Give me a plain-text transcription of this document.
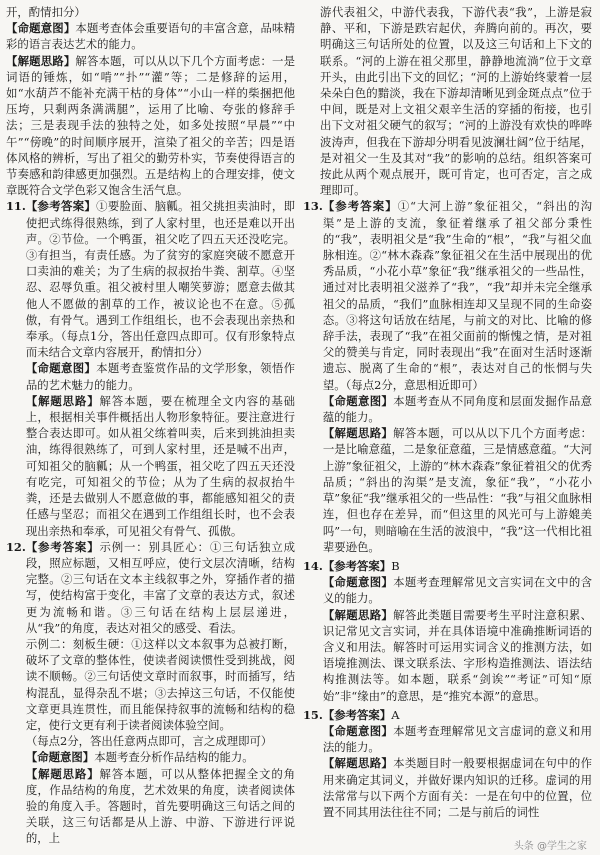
开，酌情扣分）

【命题意图】本题考查体会重要语句的丰富含意，品味精彩的语言表达艺术的能力。

【解题思路】解答本题，可以从以下几个方面考虑：一是词语的锤炼，如“啃”“扑”“灌”等；二是修辞的运用，如“水葫芦不能补充满干枯的身体”“小山一样的柴捆把他压垮，只剩两条满满腿”，运用了比喻、夸张的修辞手法；三是表现手法的独特之处，如多处按照“早晨”“中午”“傍晚”的时间顺序展开，渲染了祖父的辛苦；四是语体风格的辨析，写出了祖父的勤劳朴实，节奏使得语言的节奏感和韵律感更加强烈。五是结构上的合理安排，使文章既符合文学色彩又饱含生活气息。

11. 【参考答案】①要脸面、脑瓤。祖父挑担卖油时，即使把式练得很熟练，到了人家村里，也还是难以开出声。②节俭。一个鸭蛋，祖父吃了四五天还没吃完。③有担当，有责任感。为了贫穷的家庭突破不愿意开口卖油的难关；为了生病的叔叔抬牛粪、割草。④坚忍、忍辱负重。祖父被村里人嘲笑萝游；愿意去做其他人不愿做的割草的工作，被议论也不在意。⑤孤傲，有骨气。遇到工作组组长，也不会表现出亲热和奉承。（每点1分，答出任意四点即可。仅有形象特点而未结合文章内容展开，酌情扣分）

【命题意图】本题考查鉴赏作品的文学形象，领悟作品的艺术魅力的能力。

【解题思路】解答本题，要在梳理全文内容的基础上，根据相关事件概括出人物形象特征。要注意进行整合表达即可。如从祖父练着叫卖，后来到挑油担卖油，练得很熟练了，可到人家村里，还是喊不出声，可知祖父的脑瓤；从一个鸭蛋，祖父吃了四五天还没有吃完，可知祖父的节俭；从为了生病的叔叔抬牛粪，还是去做别人不愿意做的事，都能感知祖父的责任感与坚忍；而祖父在遇到工作组组长时，也不会表现出亲热和奉承，可见祖父有骨气、孤傲。

12. 【参考答案】示例一：别具匠心：①三句话独立成段，照应标题，又相互呼应，使行文层次清晰，结构完整。②三句话在文本主线叙事之外，穿插作者的描写，使结构富于变化，丰富了文章的表达方式，叙述更为流畅和谐。③三句话在结构上层层递进，从“我”的角度，表达对祖父的感受、看法。

示例二：刻板生硬：①这样以文本叙事为总被打断，破坏了文章的整体性，使读者阅读惯性受到挑战，阅读不顺畅。②三句话使文章时而叙事，时而插写，结构混乱，显得杂乱不堪；③去掉这三句话，不仅能使文章更具连贯性，而且能保持叙事的流畅和结构的稳定，使行文更有利于读者阅读体验空间。

（每点2分，答出任意两点即可，言之成理即可）

【命题意图】本题考查分析作品结构的能力。

【解题思路】解答本题，可以从整体把握全文的角度，作品结构的角度，艺术效果的角度，读者阅读体验的角度入手。答题时，首先要明确这三句话之间的关联，这三句话都是从上游、中游、下游进行评说的，上

游代表祖父，中游代表我，下游代表“我”，上游是寂静、平和，下游是跌宕起伏，奔腾向前的。再次，要明确这三句话所处的位置，以及这三句话和上下文的联系。“河的上游在祖父那里，静静地流淌”位于文章开头，由此引出下文的回忆；“河的上游始终蒙着一层朵朵白色的黯淡，我在下游却清晰见到金斑点点”位于中间，既是对上文祖父艰辛生活的穿插的衔接，也引出下文对祖父硬气的叙写；“河的上游没有欢快的哗哗波涛声，但我在下游却分明看见波澜壮阔”位于结尾，是对祖父一生及其对“我”的影响的总结。组织答案可按此从两个观点展开，既可肯定，也可否定，言之成理即可。

13. 【参考答案】①“大河上游”象征祖父，“斜出的沟渠”是上游的支流，象征着继承了祖父部分秉性的“我”，表明祖父是“我”生命的“根”，“我”与祖父血脉相连。②“林木森森”象征祖父在生活中展现出的优秀品质，“小花小草”象征“我”继承祖父的一些品性，通过对比表明祖父滋养了“我”，“我”却并未完全继承祖父的品质，“我们”血脉相连却又呈现不同的生命姿态。③将这句话放在结尾，与前文的对比、比喻的修辞手法，表现了“我”在祖父面前的惭愧之情，是对祖父的赞美与肯定，同时表现出“我”在面对生活时逐渐遗忘、脱离了生命的“根”，表达对自己的怅惘与失望。（每点2分，意思相近即可）

【命题意图】本题考查从不同角度和层面发掘作品意蕴的能力。

【解题思路】解答本题，可以从以下几个方面考虑：一是比喻意蕴，二是象征意蕴，三是情感意蕴。“大河上游”象征祖父，上游的“林木森森”象征着祖父的优秀品质；“斜出的沟渠”是支流，象征“我”，“小花小草”象征“我”继承祖父的一些品性：“我”与祖父血脉相连，但也存在差异，而“但这里的风光可与上游媲美吗”一句，则暗喻在生活的波浪中，“我”这一代相比祖辈要逊色。

14. 【参考答案】B

【命题意图】本题考查理解常见文言实词在文中的含义的能力。

【解题思路】解答此类题目需要考生平时注意积累、识记常见文言实词，并在具体语境中准确推断词语的含义和用法。解答时可运用实词含义的推测方法，如语境推测法、课文联系法、字形构造推测法、语法结构推测法等。如本题，联系“剑诶”“考证”可知“原始”非“缘由”的意思，是“推究本源”的意思。

15. 【参考答案】A

【命题意图】本题考查理解常见文言虚词的意义和用法的能力。

【解题思路】本类题目时一般要根据虚词在句中的作用来确定其词义，并做好课内知识的迁移。虚词的用法常常与以下两个方面有关：一是在句中的位置，位置不同其用法往往不同；二是与前后的词性

头条 @学生之家
